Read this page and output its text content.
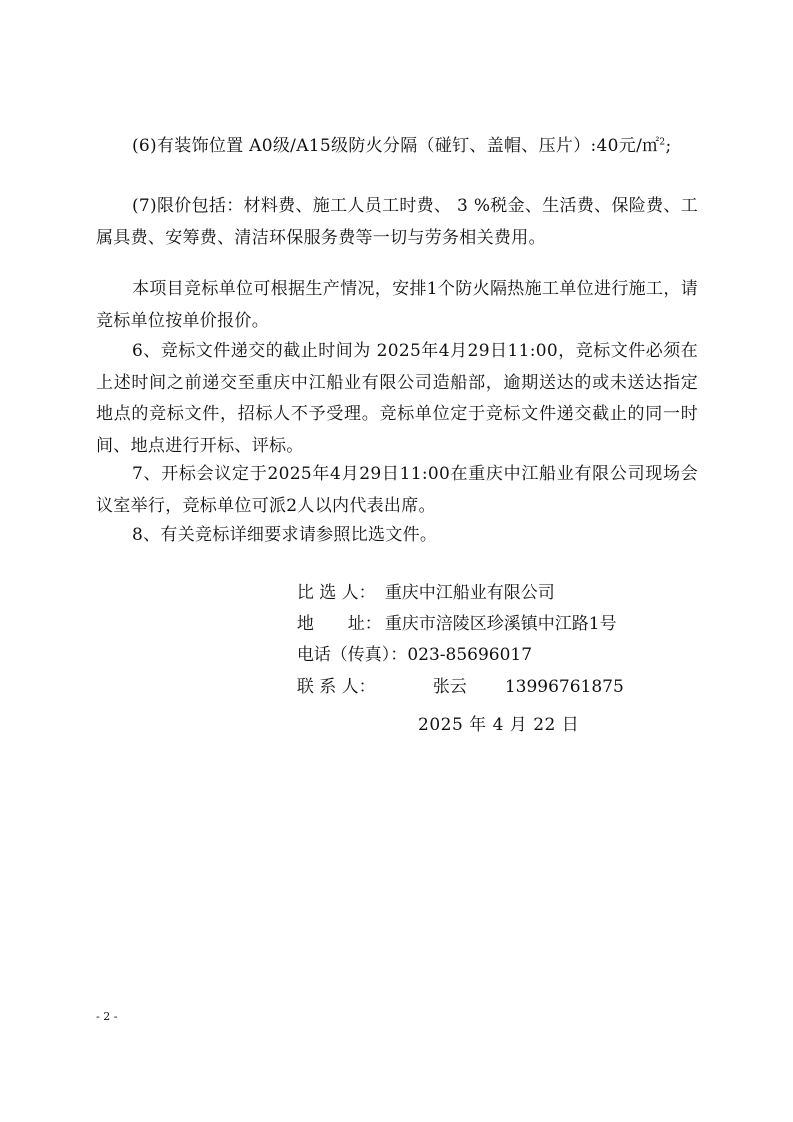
(6)有装饰位置 A0级/A15级防火分隔（碰钉、盖帽、压片）:40元/㎡$^2$;

(7)限价包括：材料费、施工人员工时费、 3 %税金、生活费、保险费、工属具费、安筹费、清洁环保服务费等一切与劳务相关费用。

本项目竞标单位可根据生产情况，安排1个防火隔热施工单位进行施工，请竞标单位按单价报价。

6、竞标文件递交的截止时间为 2025年4月29日11:00，竞标文件必须在上述时间之前递交至重庆中江船业有限公司造船部，逾期送达的或未送达指定地点的竞标文件，招标人不予受理。竞标单位定于竞标文件递交截止的同一时间、地点进行开标、评标。

7、开标会议定于2025年4月29日11:00在重庆中江船业有限公司现场会议室举行，竞标单位可派2人以内代表出席。

8、有关竞标详细要求请参照比选文件。

比 选 人： 重庆中江船业有限公司

地　　址： 重庆市涪陵区珍溪镇中江路1号

电话（传真）：023-85696017

联 系 人：	张云 13996761875

2025 年 4 月 22 日
- 2 -
